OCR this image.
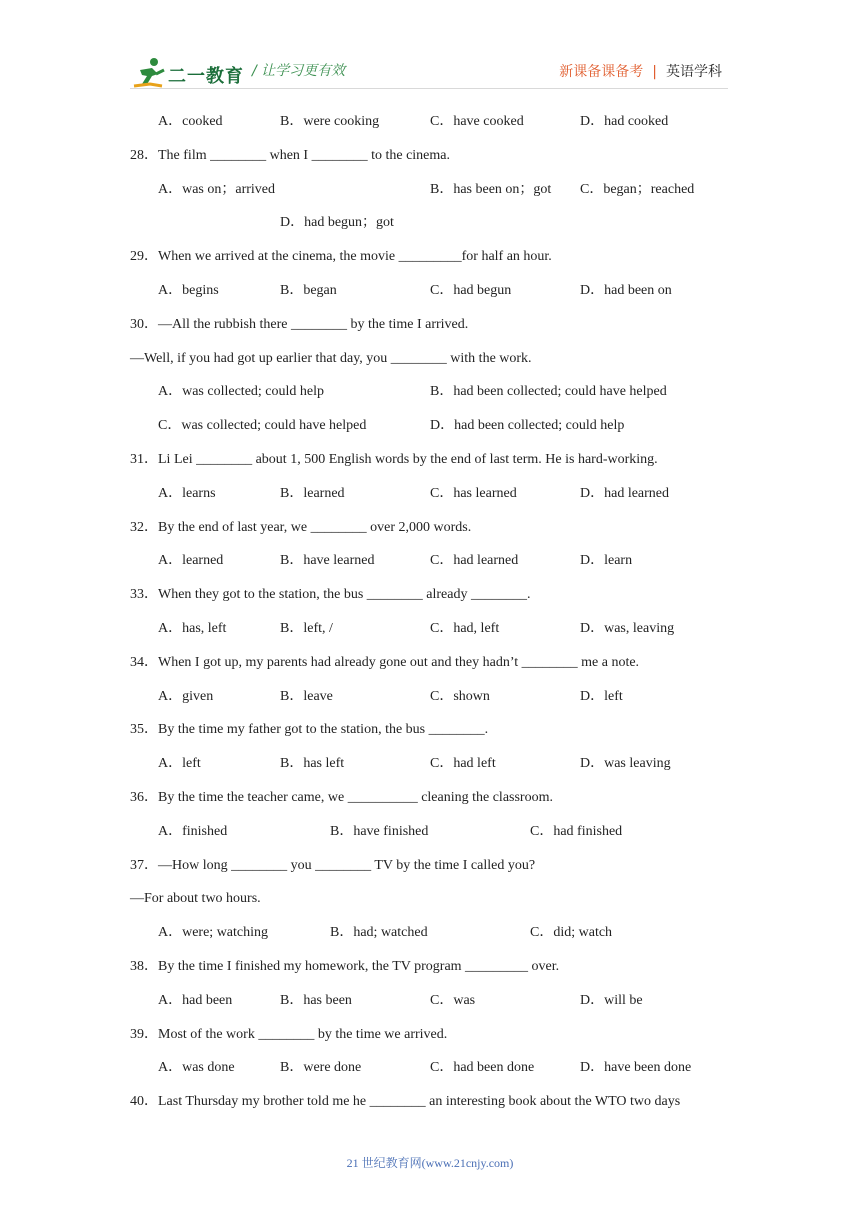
二一教育 / 让学习更有效	新课备课备考 | 英语学科
A．cooked	B．were cooking	C．have cooked	D．had cooked
28．The film ________ when I ________ to the cinema.
A．was on；arrived	B．has been on；got C．began；reached
D．had begun；got
29．When we arrived at the cinema, the movie _________for half an hour.
A．begins	B．began	C．had begun	D．had been on
30．—All the rubbish there ________ by the time I arrived.
—Well, if you had got up earlier that day, you ________ with the work.
A．was collected; could help	B．had been collected; could have helped
C．was collected; could have helped	D．had been collected; could help
31．Li Lei ________ about 1, 500 English words by the end of last term. He is hard-working.
A．learns	B．learned	C．has learned	D．had learned
32．By the end of last year, we ________ over 2,000 words.
A．learned	B．have learned	C．had learned	D．learn
33．When they got to the station, the bus ________ already ________.
A．has, left	B．left, /	C．had, left	D．was, leaving
34．When I got up, my parents had already gone out and they hadn’t ________ me a note.
A．given	B．leave	C．shown	D．left
35．By the time my father got to the station, the bus ________.
A．left	B．has left	C．had left	D．was leaving
36．By the time the teacher came, we __________ cleaning the classroom.
A．finished	B．have finished	C．had finished
37．—How long ________ you ________ TV by the time I called you?
—For about two hours.
A．were; watching	B．had; watched	C．did; watch
38．By the time I finished my homework, the TV program _________ over.
A．had been	B．has been	C．was	D．will be
39．Most of the work ________ by the time we arrived.
A．was done	B．were done	C．had been done	D．have been done
40．Last Thursday my brother told me he ________ an interesting book about the WTO two days
21 世纪教育网(www.21cnjy.com)
